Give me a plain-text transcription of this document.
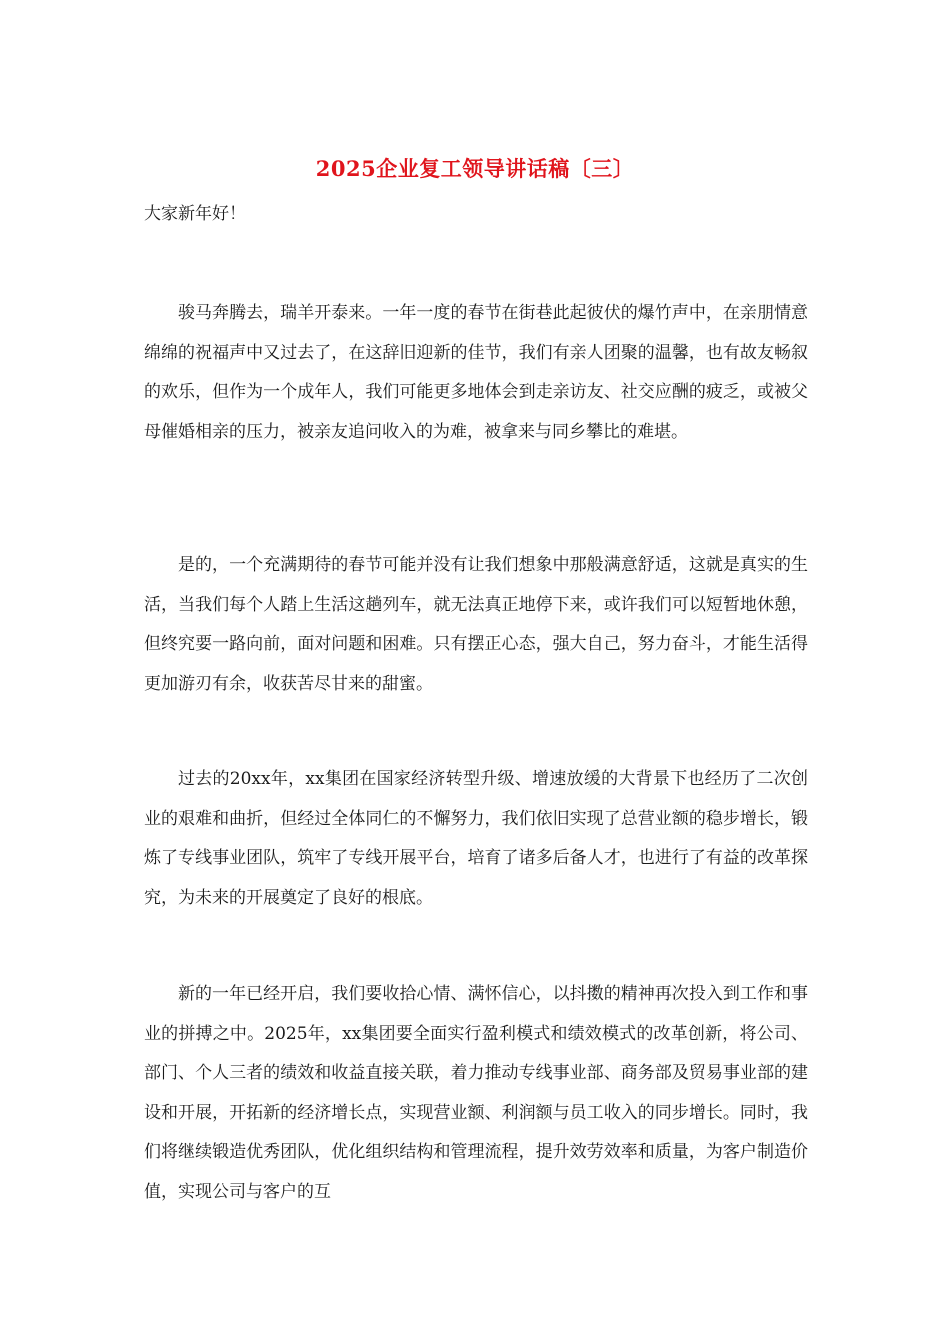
2025企业复工领导讲话稿〔三〕

大家新年好！

骏马奔腾去，瑞羊开泰来。一年一度的春节在街巷此起彼伏的爆竹声中，在亲朋情意绵绵的祝福声中又过去了，在这辞旧迎新的佳节，我们有亲人团聚的温馨，也有故友畅叙的欢乐，但作为一个成年人，我们可能更多地体会到走亲访友、社交应酬的疲乏，或被父母催婚相亲的压力，被亲友追问收入的为难，被拿来与同乡攀比的难堪。

是的，一个充满期待的春节可能并没有让我们想象中那般满意舒适，这就是真实的生活，当我们每个人踏上生活这趟列车，就无法真正地停下来，或许我们可以短暂地休憩，但终究要一路向前，面对问题和困难。只有摆正心态，强大自己，努力奋斗，才能生活得更加游刃有余，收获苦尽甘来的甜蜜。

过去的20xx年，xx集团在国家经济转型升级、增速放缓的大背景下也经历了二次创业的艰难和曲折，但经过全体同仁的不懈努力，我们依旧实现了总营业额的稳步增长，锻炼了专线事业团队，筑牢了专线开展平台，培育了诸多后备人才，也进行了有益的改革探究，为未来的开展奠定了良好的根底。

新的一年已经开启，我们要收拾心情、满怀信心，以抖擞的精神再次投入到工作和事业的拼搏之中。2025年，xx集团要全面实行盈利模式和绩效模式的改革创新，将公司、部门、个人三者的绩效和收益直接关联，着力推动专线事业部、商务部及贸易事业部的建设和开展，开拓新的经济增长点，实现营业额、利润额与员工收入的同步增长。同时，我们将继续锻造优秀团队，优化组织结构和管理流程，提升效劳效率和质量，为客户制造价值，实现公司与客户的互
